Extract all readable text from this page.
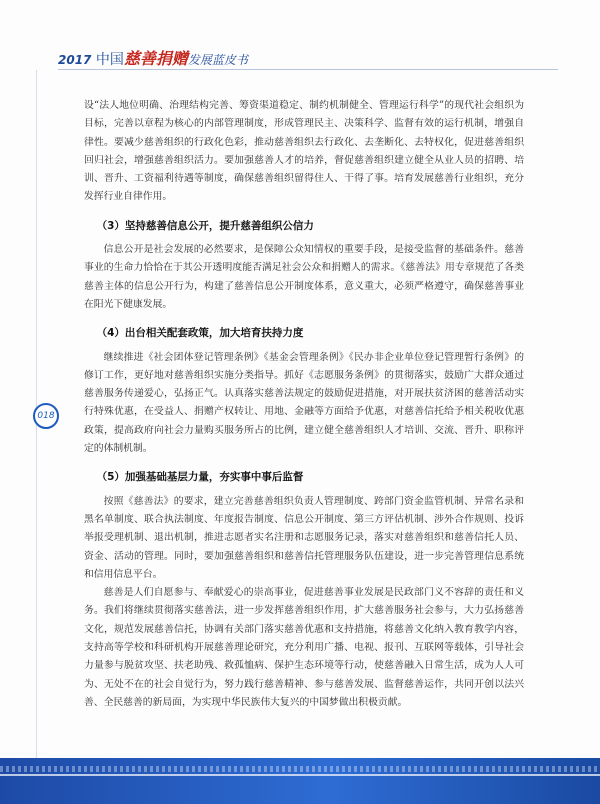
2017 中国慈善捐赠发展蓝皮书
018

设“法人地位明确、治理结构完善、筹资渠道稳定、制约机制健全、管理运行科学”的现代社会组织为目标，完善以章程为核心的内部管理制度，形成管理民主、决策科学、监督有效的运行机制，增强自律性。要减少慈善组织的行政化色彩，推动慈善组织去行政化、去垄断化、去特权化，促进慈善组织回归社会，增强慈善组织活力。要加强慈善人才的培养，督促慈善组织建立健全从业人员的招聘、培训、晋升、工资福利待遇等制度，确保慈善组织留得住人、干得了事。培育发展慈善行业组织，充分发挥行业自律作用。

（3）坚持慈善信息公开，提升慈善组织公信力

信息公开是社会发展的必然要求，是保障公众知情权的重要手段，是接受监督的基础条件。慈善事业的生命力恰恰在于其公开透明度能否满足社会公众和捐赠人的需求。《慈善法》用专章规范了各类慈善主体的信息公开行为，构建了慈善信息公开制度体系，意义重大，必须严格遵守，确保慈善事业在阳光下健康发展。

（4）出台相关配套政策，加大培育扶持力度

继续推进《社会团体登记管理条例》《基金会管理条例》《民办非企业单位登记管理暂行条例》的修订工作，更好地对慈善组织实施分类指导。抓好《志愿服务条例》的贯彻落实，鼓励广大群众通过慈善服务传递爱心，弘扬正气。认真落实慈善法规定的鼓励促进措施，对开展扶贫济困的慈善活动实行特殊优惠，在受益人、捐赠产权转让、用地、金融等方面给予优惠，对慈善信托给予相关税收优惠政策，提高政府向社会力量购买服务所占的比例，建立健全慈善组织人才培训、交流、晋升、职称评定的体制机制。

（5）加强基础基层力量，夯实事中事后监督

按照《慈善法》的要求，建立完善慈善组织负责人管理制度、跨部门资金监管机制、异常名录和黑名单制度、联合执法制度、年度报告制度、信息公开制度、第三方评估机制、涉外合作规则、投诉举报受理机制、退出机制，推进志愿者实名注册和志愿服务记录，落实对慈善组织和慈善信托人员、资金、活动的管理。同时，要加强慈善组织和慈善信托管理服务队伍建设，进一步完善管理信息系统和信用信息平台。

慈善是人们自愿参与、奉献爱心的崇高事业，促进慈善事业发展是民政部门义不容辞的责任和义务。我们将继续贯彻落实慈善法，进一步发挥慈善组织作用，扩大慈善服务社会参与，大力弘扬慈善文化，规范发展慈善信托，协调有关部门落实慈善优惠和支持措施，将慈善文化纳入教育教学内容，支持高等学校和科研机构开展慈善理论研究，充分利用广播、电视、报刊、互联网等载体，引导社会力量参与脱贫攻坚、扶老助残、救孤恤病、保护生态环境等行动，使慈善融入日常生活，成为人人可为、无处不在的社会自觉行为，努力践行慈善精神、参与慈善发展、监督慈善运作，共同开创以法兴善、全民慈善的新局面，为实现中华民族伟大复兴的中国梦做出积极贡献。
